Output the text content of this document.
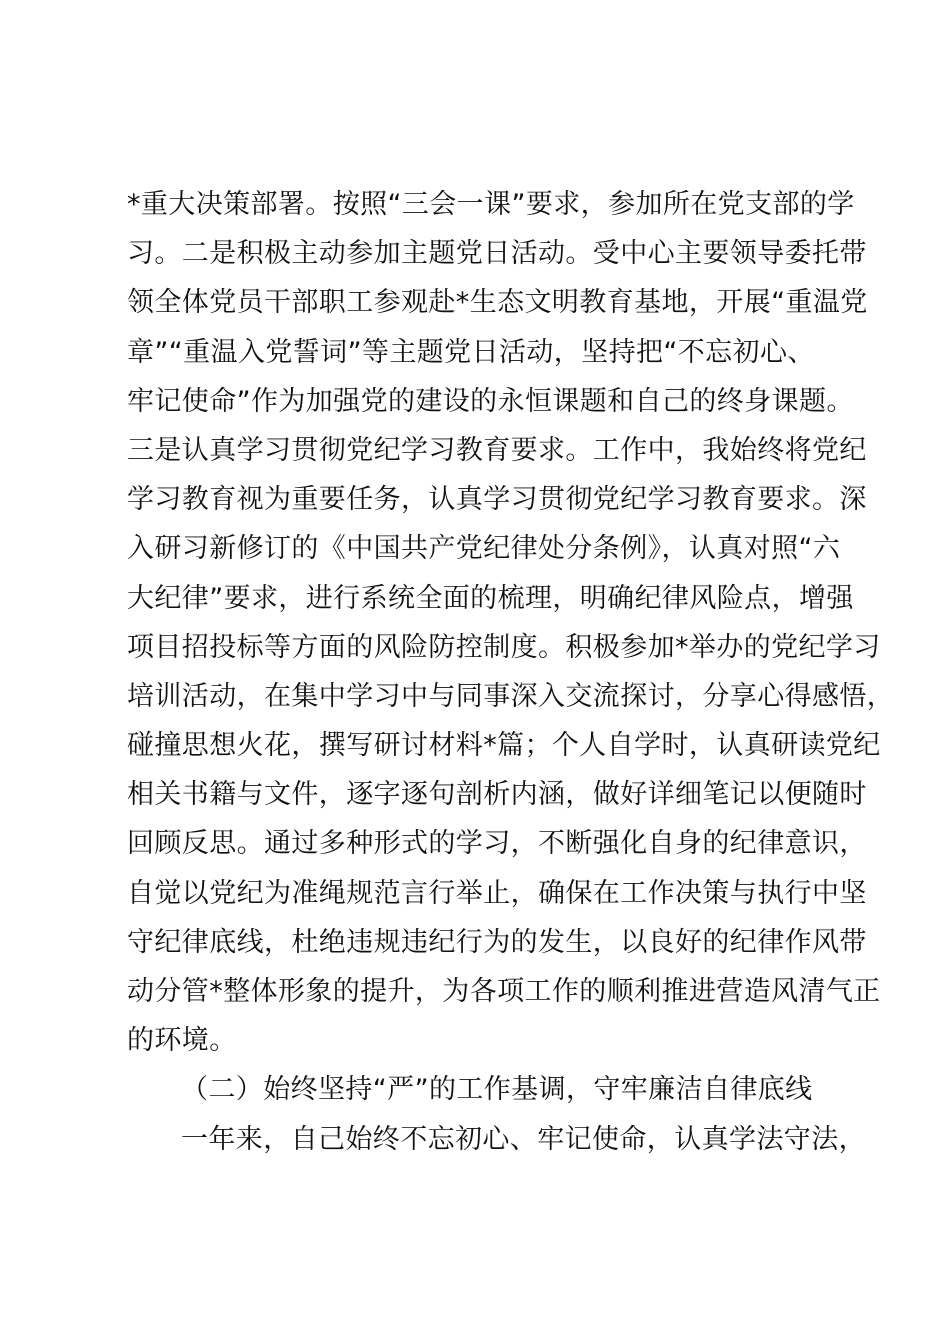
*重大决策部署。按照“三会一课”要求，参加所在党支部的学
习。二是积极主动参加主题党日活动。受中心主要领导委托带
领全体党员干部职工参观赴*生态文明教育基地，开展“重温党
章”“重温入党誓词”等主题党日活动，坚持把“不忘初心、
牢记使命”作为加强党的建设的永恒课题和自己的终身课题。
三是认真学习贯彻党纪学习教育要求。工作中，我始终将党纪
学习教育视为重要任务，认真学习贯彻党纪学习教育要求。深
入研习新修订的《中国共产党纪律处分条例》，认真对照“六
大纪律”要求，进行系统全面的梳理，明确纪律风险点，增强
项目招投标等方面的风险防控制度。积极参加*举办的党纪学习
培训活动，在集中学习中与同事深入交流探讨，分享心得感悟，
碰撞思想火花，撰写研讨材料*篇；个人自学时，认真研读党纪
相关书籍与文件，逐字逐句剖析内涵，做好详细笔记以便随时
回顾反思。通过多种形式的学习，不断强化自身的纪律意识，
自觉以党纪为准绳规范言行举止，确保在工作决策与执行中坚
守纪律底线，杜绝违规违纪行为的发生，以良好的纪律作风带
动分管*整体形象的提升，为各项工作的顺利推进营造风清气正
的环境。
（二）始终坚持“严”的工作基调，守牢廉洁自律底线
一年来，自己始终不忘初心、牢记使命，认真学法守法，
